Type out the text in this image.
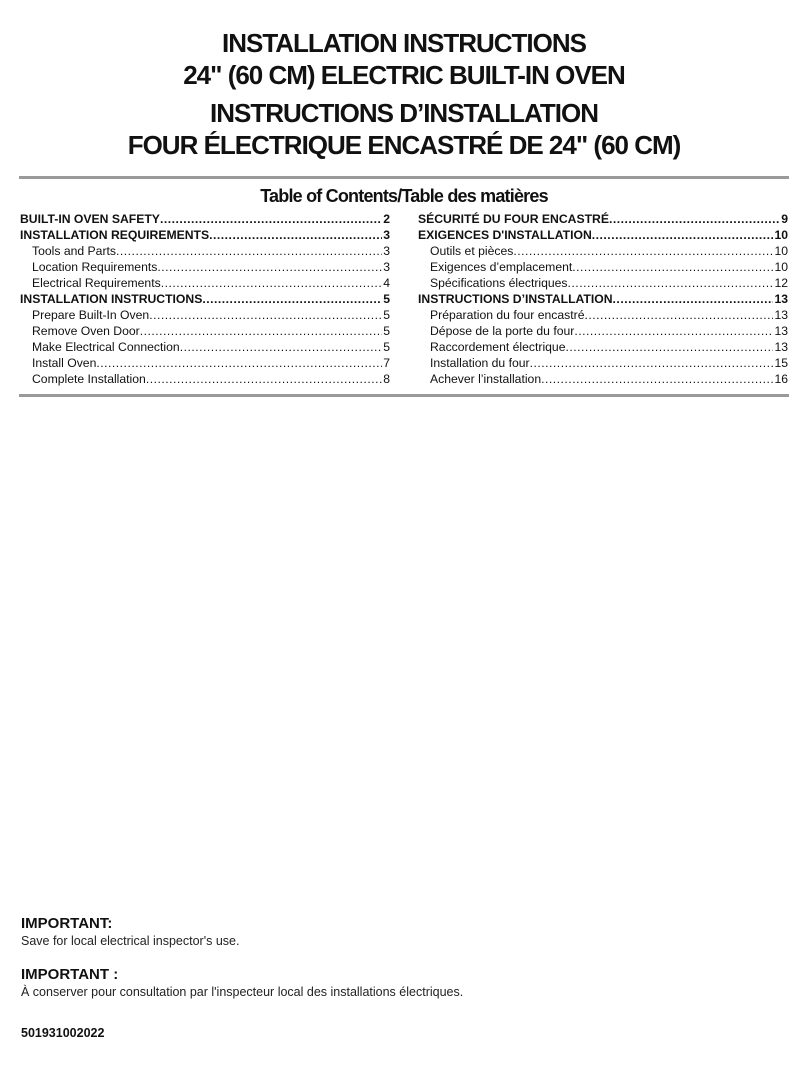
INSTALLATION INSTRUCTIONS
24" (60 CM) ELECTRIC BUILT-IN OVEN
INSTRUCTIONS D’INSTALLATION
FOUR ÉLECTRIQUE ENCASTRÉ DE 24" (60 CM)
Table of Contents/Table des matières
BUILT-IN OVEN SAFETY .....	2
INSTALLATION REQUIREMENTS .....	3
Tools and Parts .....	3
Location Requirements .....	3
Electrical Requirements .....	4
INSTALLATION INSTRUCTIONS .....	5
Prepare Built-In Oven .....	5
Remove Oven Door .....	5
Make Electrical Connection .....	5
Install Oven .....	7
Complete Installation .....	8
SÉCURITÉ DU FOUR ENCASTRÉ .....	9
EXIGENCES D'INSTALLATION .....	10
Outils et pièces .....	10
Exigences d’emplacement .....	10
Spécifications électriques .....	12
INSTRUCTIONS D’INSTALLATION .....	13
Préparation du four encastré .....	13
Dépose de la porte du four .....	13
Raccordement électrique .....	13
Installation du four .....	15
Achever l’installation .....	16
IMPORTANT:
Save for local electrical inspector's use.
IMPORTANT :
À conserver pour consultation par l'inspecteur local des installations électriques.
501931002022
